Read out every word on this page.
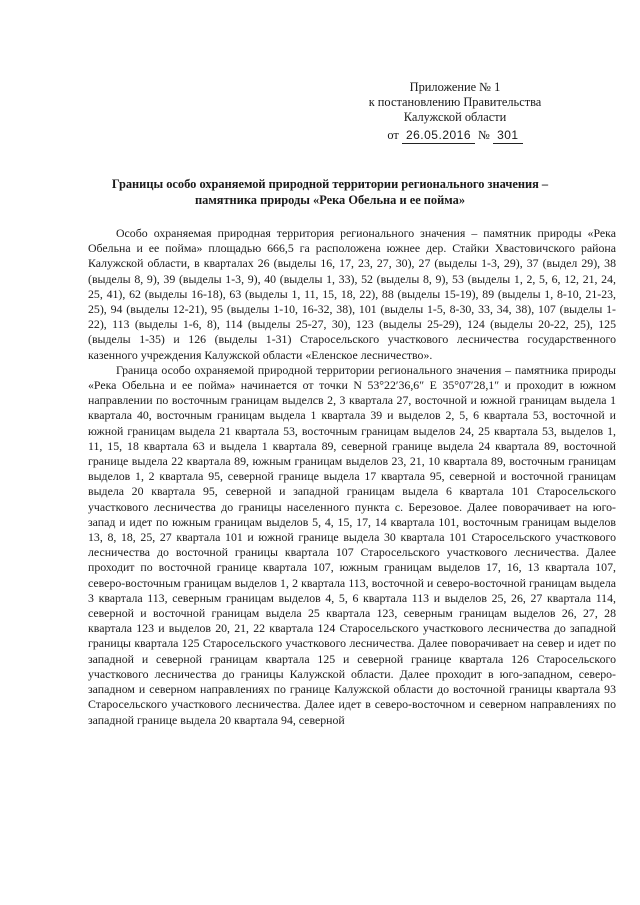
Приложение № 1
к постановлению Правительства
Калужской области
от 26.05.2016 № 301
Границы особо охраняемой природной территории регионального значения –
памятника природы «Река Обельна и ее пойма»

Особо охраняемая природная территория регионального значения – памятник природы «Река Обельна и ее пойма» площадью 666,5 га расположена южнее дер. Стайки Хвастовичского района Калужской области, в кварталах 26 (выделы 16, 17, 23, 27, 30), 27 (выделы 1-3, 29), 37 (выдел 29), 38 (выделы 8, 9), 39 (выделы 1-3, 9), 40 (выделы 1, 33), 52 (выделы 8, 9), 53 (выделы 1, 2, 5, 6, 12, 21, 24, 25, 41), 62 (выделы 16-18), 63 (выделы 1, 11, 15, 18, 22), 88 (выделы 15-19), 89 (выделы 1, 8-10, 21-23, 25), 94 (выделы 12-21), 95 (выделы 1-10, 16-32, 38), 101 (выделы 1-5, 8-30, 33, 34, 38), 107 (выделы 1-22), 113 (выделы 1-6, 8), 114 (выделы 25-27, 30), 123 (выделы 25-29), 124 (выделы 20-22, 25), 125 (выделы 1-35) и 126 (выделы 1-31) Старосельского участкового лесничества государственного казенного учреждения Калужской области «Еленское лесничество».

Граница особо охраняемой природной территории регионального значения – памятника природы «Река Обельна и ее пойма» начинается от точки N 53°22′36,6″ E 35°07′28,1″ и проходит в южном направлении по восточным границам выделсв 2, 3 квартала 27, восточной и южной границам выдела 1 квартала 40, восточным границам выдела 1 квартала 39 и выделов 2, 5, 6 квартала 53, восточной и южной границам выдела 21 квартала 53, восточным границам выделов 24, 25 квартала 53, выделов 1, 11, 15, 18 квартала 63 и выдела 1 квартала 89, северной границе выдела 24 квартала 89, восточной границе выдела 22 квартала 89, южным границам выделов 23, 21, 10 квартала 89, восточным границам выделов 1, 2 квартала 95, северной границе выдела 17 квартала 95, северной и восточной границам выдела 20 квартала 95, северной и западной границам выдела 6 квартала 101 Старосельского участкового лесничества до границы населенного пункта с. Березовое. Далее поворачивает на юго-запад и идет по южным границам выделов 5, 4, 15, 17, 14 квартала 101, восточным границам выделов 13, 8, 18, 25, 27 квартала 101 и южной границе выдела 30 квартала 101 Старосельского участкового лесничества до восточной границы квартала 107 Старосельского участкового лесничества. Далее проходит по восточной границе квартала 107, южным границам выделов 17, 16, 13 квартала 107, северо-восточным границам выделов 1, 2 квартала 113, восточной и северо-восточной границам выдела 3 квартала 113, северным границам выделов 4, 5, 6 квартала 113 и выделов 25, 26, 27 квартала 114, северной и восточной границам выдела 25 квартала 123, северным границам выделов 26, 27, 28 квартала 123 и выделов 20, 21, 22 квартала 124 Старосельского участкового лесничества до западной границы квартала 125 Старосельского участкового лесничества. Далее поворачивает на север и идет по западной и северной границам квартала 125 и северной границе квартала 126 Старосельского участкового лесничества до границы Калужской области. Далее проходит в юго-западном, северо-западном и северном направлениях по границе Калужской области до восточной границы квартала 93 Старосельского участкового лесничества. Далее идет в северо-восточном и северном направлениях по западной границе выдела 20 квартала 94, северной
